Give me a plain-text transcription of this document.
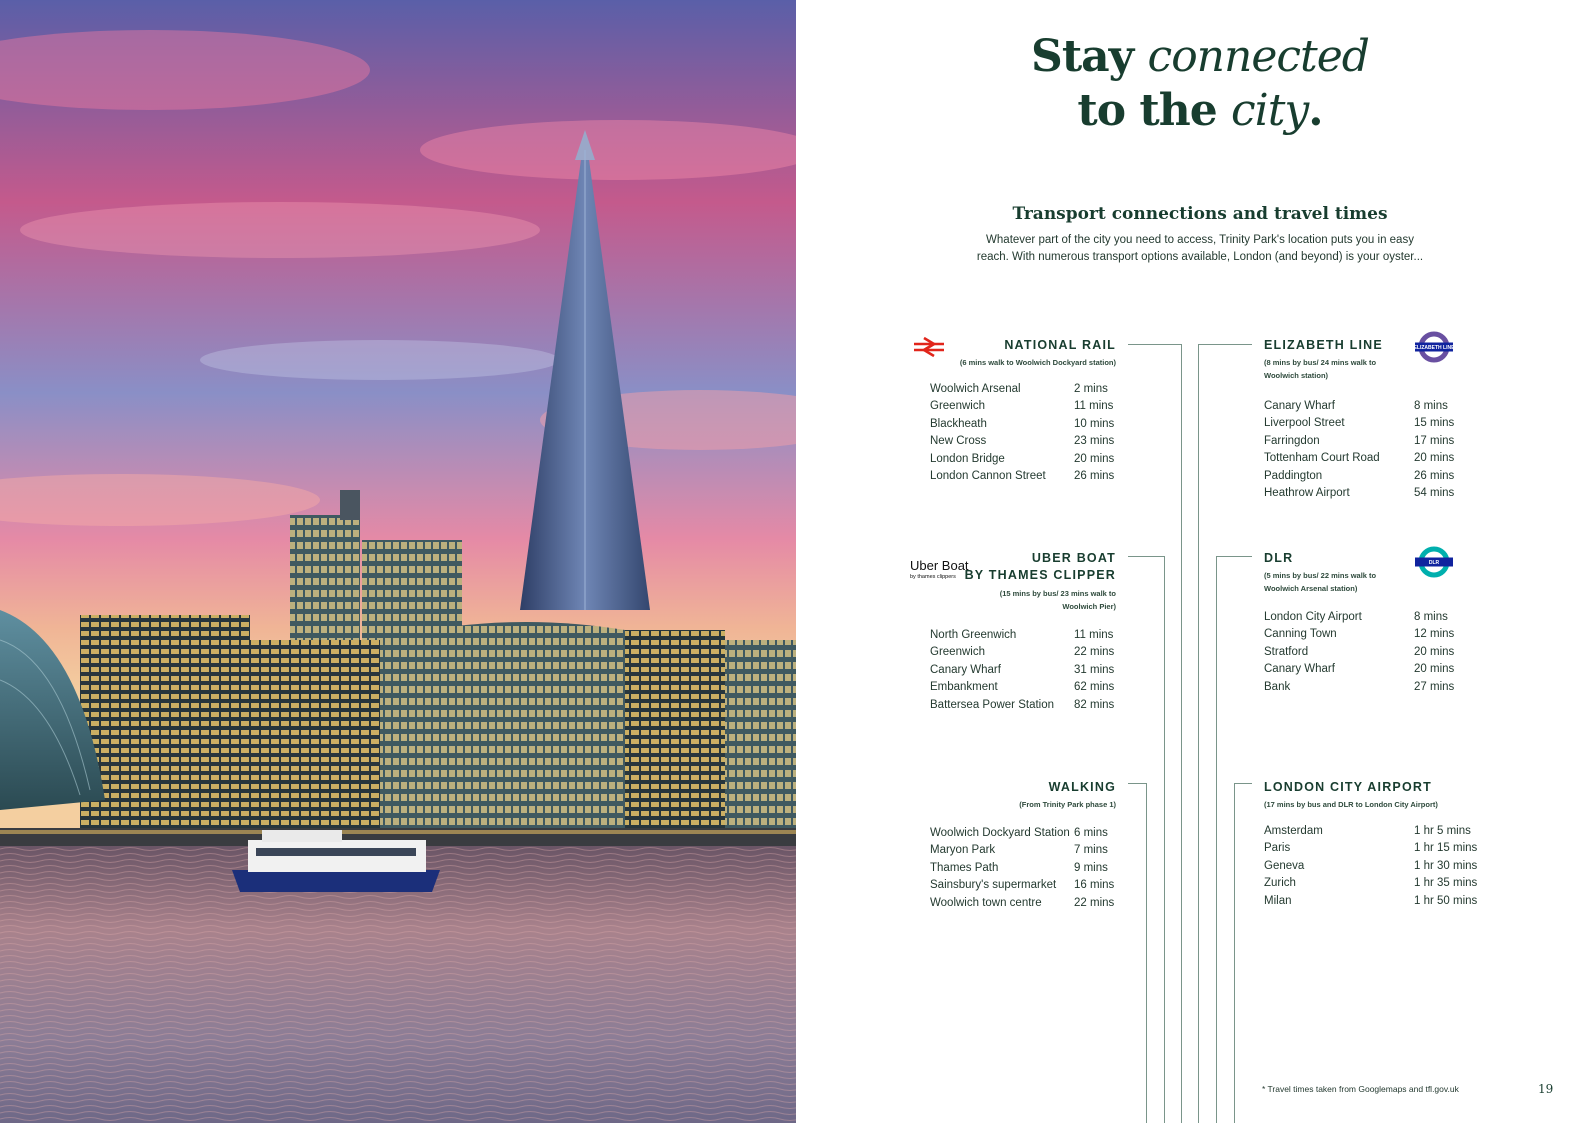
Stay connected
to the city.
Transport connections and travel times
Whatever part of the city you need to access, Trinity Park's location puts you in easy reach. With numerous transport options available, London (and beyond) is your oyster...
NATIONAL RAIL
(6 mins walk to Woolwich Dockyard station)
Woolwich Arsenal	2 mins
Greenwich	11 mins
Blackheath	10 mins
New Cross	23 mins
London Bridge	20 mins
London Cannon Street	26 mins
Uber Boat
by thames clippers
UBER BOAT
BY THAMES CLIPPER
(15 mins by bus/ 23 mins walk to
Woolwich Pier)
North Greenwich	11 mins
Greenwich	22 mins
Canary Wharf	31 mins
Embankment	62 mins
Battersea Power Station	82 mins
WALKING
(From Trinity Park phase 1)
Woolwich Dockyard Station 6 mins
Maryon Park	7 mins
Thames Path	9 mins
Sainsbury's supermarket	16 mins
Woolwich town centre	22 mins
ELIZABETH LINE
(8 mins by bus/ 24 mins walk to
Woolwich station)
ELIZABETH LINE
Canary Wharf	8 mins
Liverpool Street	15 mins
Farringdon	17 mins
Tottenham Court Road	20 mins
Paddington	26 mins
Heathrow Airport	54 mins
DLR
(5 mins by bus/ 22 mins walk to
Woolwich Arsenal station)
DLR
London City Airport	8 mins
Canning Town	12 mins
Stratford	20 mins
Canary Wharf	20 mins
Bank	27 mins
LONDON CITY AIRPORT
(17 mins by bus and DLR to London City Airport)
Amsterdam	1 hr 5 mins
Paris	1 hr 15 mins
Geneva	1 hr 30 mins
Zurich	1 hr 35 mins
Milan	1 hr 50 mins
* Travel times taken from Googlemaps and tfl.gov.uk	19
